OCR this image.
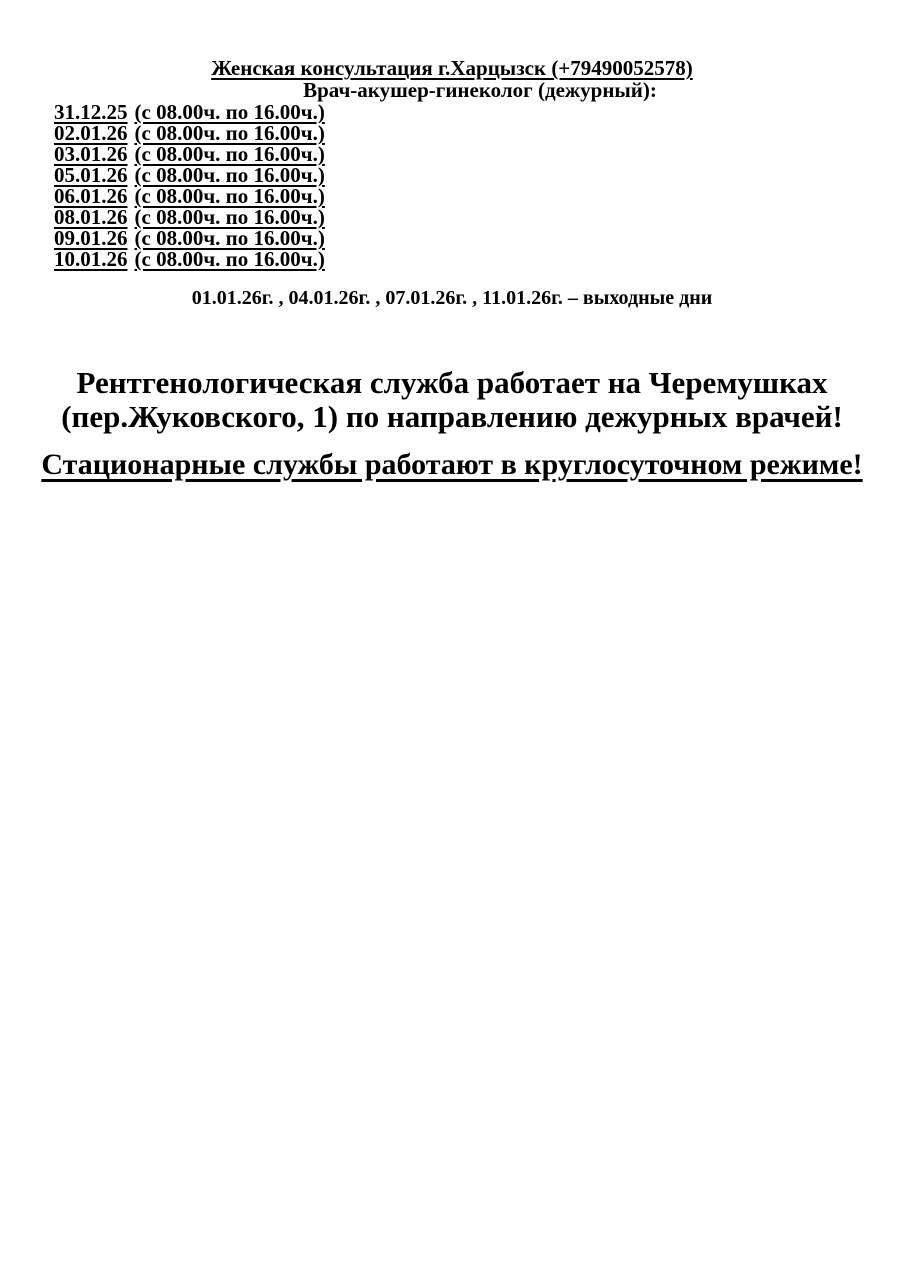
Женская консультация г.Харцызск (+79490052578)

Врач-акушер-гинеколог (дежурный):

31.12.25 (с 08.00ч. по 16.00ч.)
02.01.26 (с 08.00ч. по 16.00ч.)
03.01.26 (с 08.00ч. по 16.00ч.)
05.01.26 (с 08.00ч. по 16.00ч.)
06.01.26 (с 08.00ч. по 16.00ч.)
08.01.26 (с 08.00ч. по 16.00ч.)
09.01.26 (с 08.00ч. по 16.00ч.)
10.01.26 (с 08.00ч. по 16.00ч.)

01.01.26г. , 04.01.26г. , 07.01.26г. , 11.01.26г. – выходные дни

Рентгенологическая служба работает на Черемушках
(пер.Жуковского, 1) по направлению дежурных врачей!

Стационарные службы работают в круглосуточном режиме!
